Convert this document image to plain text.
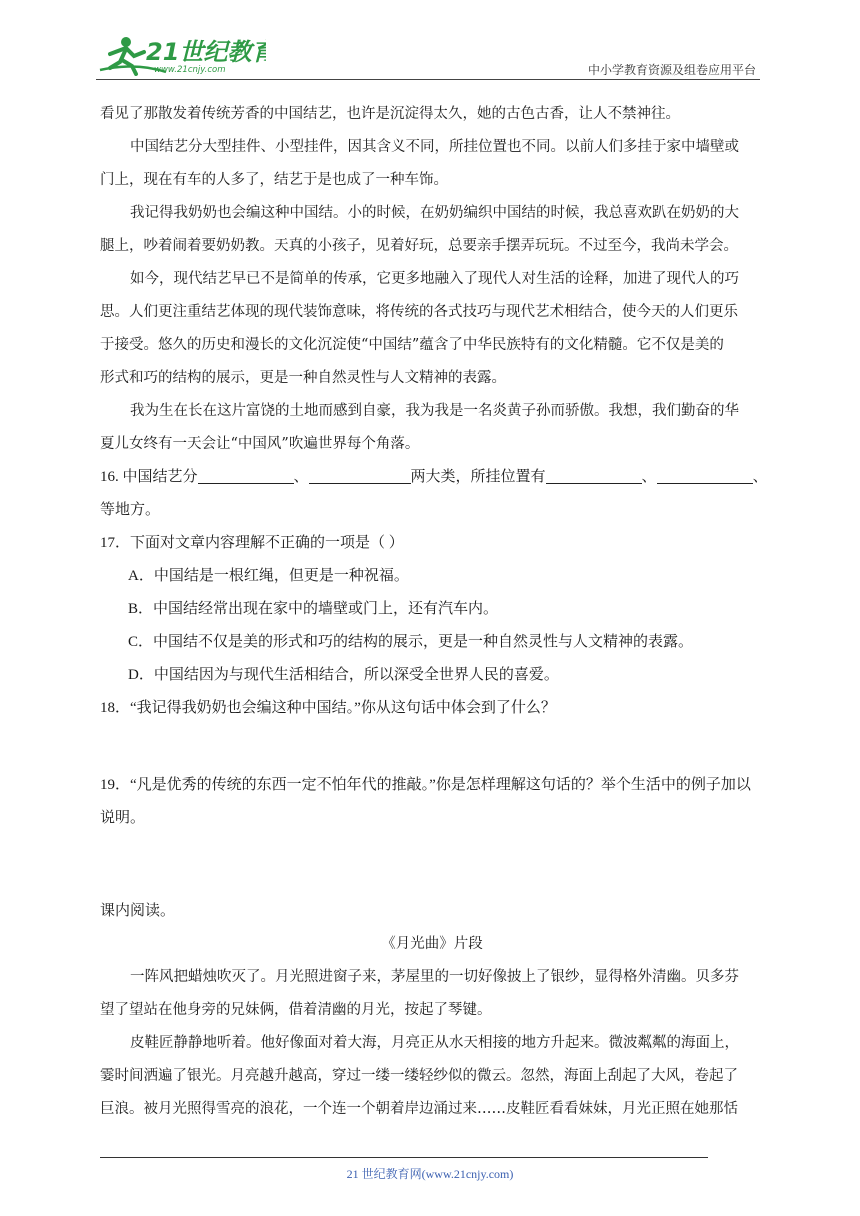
21世纪教育
www.21cnjy.com	中小学教育资源及组卷应用平台
看见了那散发着传统芳香的中国结艺，也许是沉淀得太久，她的古色古香，让人不禁神往。
中国结艺分大型挂件、小型挂件，因其含义不同，所挂位置也不同。以前人们多挂于家中墙壁或
门上，现在有车的人多了，结艺于是也成了一种车饰。
我记得我奶奶也会编这种中国结。小的时候，在奶奶编织中国结的时候，我总喜欢趴在奶奶的大
腿上，吵着闹着要奶奶教。天真的小孩子，见着好玩，总要亲手摆弄玩玩。不过至今，我尚未学会。
如今，现代结艺早已不是简单的传承，它更多地融入了现代人对生活的诠释，加进了现代人的巧
思。人们更注重结艺体现的现代装饰意味，将传统的各式技巧与现代艺术相结合，使今天的人们更乐
于接受。悠久的历史和漫长的文化沉淀使“中国结”蕴含了中华民族特有的文化精髓。它不仅是美的
形式和巧的结构的展示，更是一种自然灵性与人文精神的表露。
我为生在长在这片富饶的土地而感到自豪，我为我是一名炎黄子孙而骄傲。我想，我们勤奋的华
夏儿女终有一天会让“中国风”吹遍世界每个角落。
16. 中国结艺分	、	两大类，所挂位置有	、	、
等地方。
17．下面对文章内容理解不正确的一项是（ ）
A．中国结是一根红绳，但更是一种祝福。
B．中国结经常出现在家中的墙壁或门上，还有汽车内。
C．中国结不仅是美的形式和巧的结构的展示，更是一种自然灵性与人文精神的表露。
D．中国结因为与现代生活相结合，所以深受全世界人民的喜爱。
18．“我记得我奶奶也会编这种中国结。”你从这句话中体会到了什么？
19．“凡是优秀的传统的东西一定不怕年代的推敲。”你是怎样理解这句话的？举个生活中的例子加以
说明。
课内阅读。
《月光曲》片段
一阵风把蜡烛吹灭了。月光照进窗子来，茅屋里的一切好像披上了银纱，显得格外清幽。贝多芬
望了望站在他身旁的兄妹俩，借着清幽的月光，按起了琴键。
皮鞋匠静静地听着。他好像面对着大海，月亮正从水天相接的地方升起来。微波粼粼的海面上，
霎时间洒遍了银光。月亮越升越高，穿过一缕一缕轻纱似的微云。忽然，海面上刮起了大风，卷起了
巨浪。被月光照得雪亮的浪花，一个连一个朝着岸边涌过来……皮鞋匠看看妹妹，月光正照在她那恬
21 世纪教育网(www.21cnjy.com)
